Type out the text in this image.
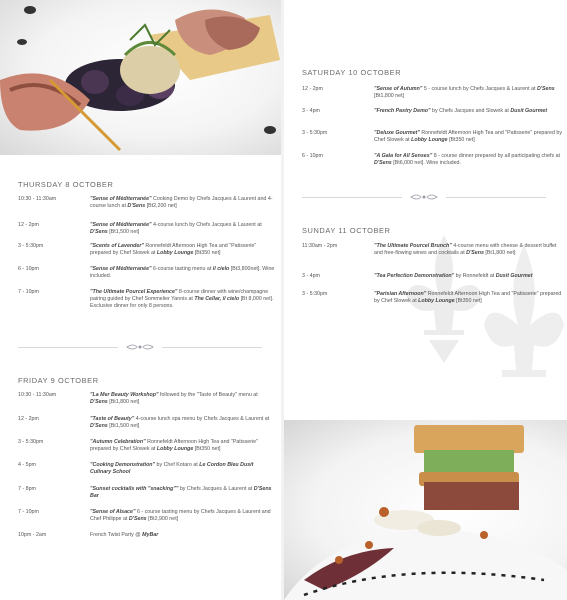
THURSDAY 8 OCTOBER
10:30 - 11:30am	"Sense of Méditerranée" Cooking Demo by Chefs Jacques & Laurent and 4-course lunch at D'Sens [Bt2,200 net]
12 - 2pm	"Sense of Méditerranée" 4-course lunch by Chefs Jacques & Laurent at D'Sens [Bt1,500 net]
3 - 5:30pm	"Scents of Lavender" Ronnefeldt Afternoon High Tea and "Patisserie" prepared by Chef Slowek at Lobby Lounge [Bt350 net]
6 - 10pm	"Sense of Méditerranée" 6-course tasting menu at il cielo [Bt3,800net]. Wine included.
7 - 10pm	"The Ultimate Pourcel Experience" 8-course dinner with wine/champagne pairing guided by Chef Sommelier Yannis at The Cellar, il cielo [Bt 8,000 net]. Exclusive dinner for only 8 persons.
FRIDAY 9 OCTOBER
10:30 - 11:30am	"La Mer Beauty Workshop" followed by the "Taste of Beauty" menu at D'Sens [Bt1,800 net]
12 - 2pm	"Taste of Beauty" 4-course lunch spa menu by Chefs Jacques & Laurent at D'Sens [Bt1,500 net]
3 - 5:30pm	"Autumn Celebration" Ronnefeldt Afternoon High Tea and "Patisserie" prepared by Chef Slowek at Lobby Lounge [Bt350 net]
4 - 5pm	"Cooking Demonstration" by Chef Kotaro at Le Cordon Bleu Dusit Culinary School
7 - 8pm	"Sunset cocktails with "snacking"" by Chefs Jacques & Laurent at D'Sens Bar
7 - 10pm	"Sense of Alsace" 6 - course tasting menu by Chefs Jacques & Laurent and Chef Philippe at D'Sens [Bt2,900 net]
10pm - 2am	French Twist Party @ MyBar
SATURDAY 10 OCTOBER
12 - 2pm	"Sense of Autumn" 5 - course lunch by Chefs Jacques & Laurent at D'Sens [Bt1,800 net]
3 - 4pm	"French Pastry Demo" by Chefs Jacques and Slowek at Dusit Gourmet
3 - 5:30pm	"Deluxe Gourmet" Ronnefeldt Afternoon High Tea and "Patisserie" prepared by Chef Slowek at Lobby Lounge [Bt350 net]
6 - 10pm	"A Gala for All Senses" 8 - course dinner prepared by all participating chefs at D'Sens [Bt6,000 net]. Wine included.
SUNDAY 11 OCTOBER
11:30am - 2pm	"The Ultimate Pourcel Brunch" 4-course menu with cheese & dessert buffet and free-flowing wines and cocktails at D'Sens [Bt1,800 net]
3 - 4pm	"Tea Perfection Demonstration" by Ronnefeldt at Dusit Gourmet
3 - 5:30pm	"Parisian Afternoon" Ronnefeldt Afternoon High Tea and "Patisserie" prepared by Chef Slowek at Lobby Lounge [Bt350 net]
